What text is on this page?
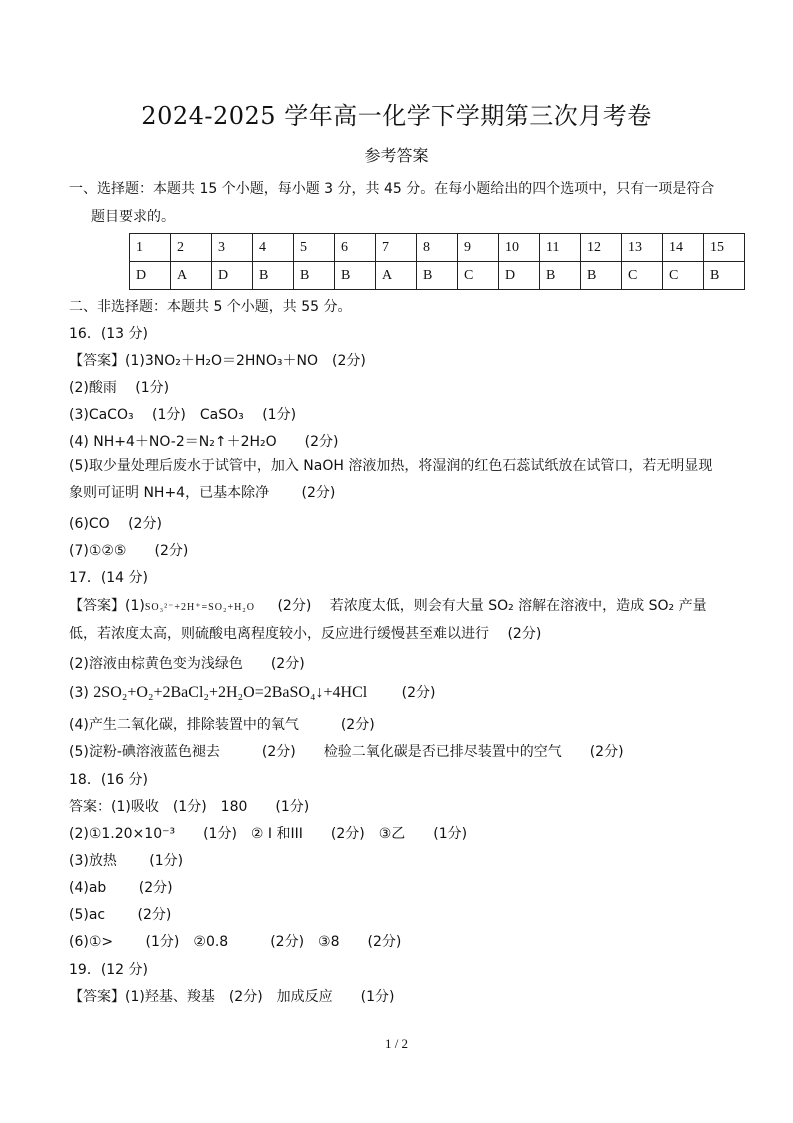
2024-2025 学年高一化学下学期第三次月考卷
参考答案
一、选择题：本题共 15 个小题，每小题 3 分，共 45 分。在每小题给出的四个选项中，只有一项是符合
题目要求的。
1	2	3	4	5	6	7	8	9	10	11	12	13	14	15
D	A	D	B	B	B	A	B	C	D	B	B	C	C	B
二、非选择题：本题共 5 个小题，共 55 分。
16．(13 分)
【答案】(1)3NO₂＋H₂O＝2HNO₃＋NO　(2分)
(2)酸雨　 (1分)
(3)CaCO₃　 (1分)　CaSO₃　 (1分)
(4) NH+4＋NO-2＝N₂↑＋2H₂O　　(2分)
(5)取少量处理后废水于试管中，加入 NaOH 溶液加热，将湿润的红色石蕊试纸放在试管口，若无明显现象则可证明 NH+4，已基本除净　　 (2分)
(6)CO　 (2分)
(7)①②⑤　　(2分)
17．(14 分)
【答案】(1)SO₃²⁻+2H⁺=SO₂+H₂O (2分)　 若浓度太低，则会有大量 SO₂ 溶解在溶液中，造成 SO₂ 产量低，若浓度太高，则硫酸电离程度较小，反应进行缓慢甚至难以进行　 (2分)
(2)溶液由棕黄色变为浅绿色　　(2分)
(3) 2SO₂+O₂+2BaCl₂+2H₂O=2BaSO₄↓+4HCl (2分)
(4)产生二氧化碳，排除装置中的氧气　　　(2分)
(5)淀粉-碘溶液蓝色褪去　　　(2分)　　检验二氧化碳是否已排尽装置中的空气　　(2分)
18．(16 分)
答案：(1)吸收　(1分)　180　　(1分)
(2)①1.20×10⁻³　　(1分)　② I 和III　　(2分)　③乙　　(1分)
(3)放热　　 (1分)
(4)ab　　 (2分)
(5)ac　　 (2分)
(6)①>　　 (1分)　②0.8　　　(2分)　③8　　(2分)
19．(12 分)
【答案】(1)羟基、羧基　(2分)　加成反应　　(1分)
1 / 2
